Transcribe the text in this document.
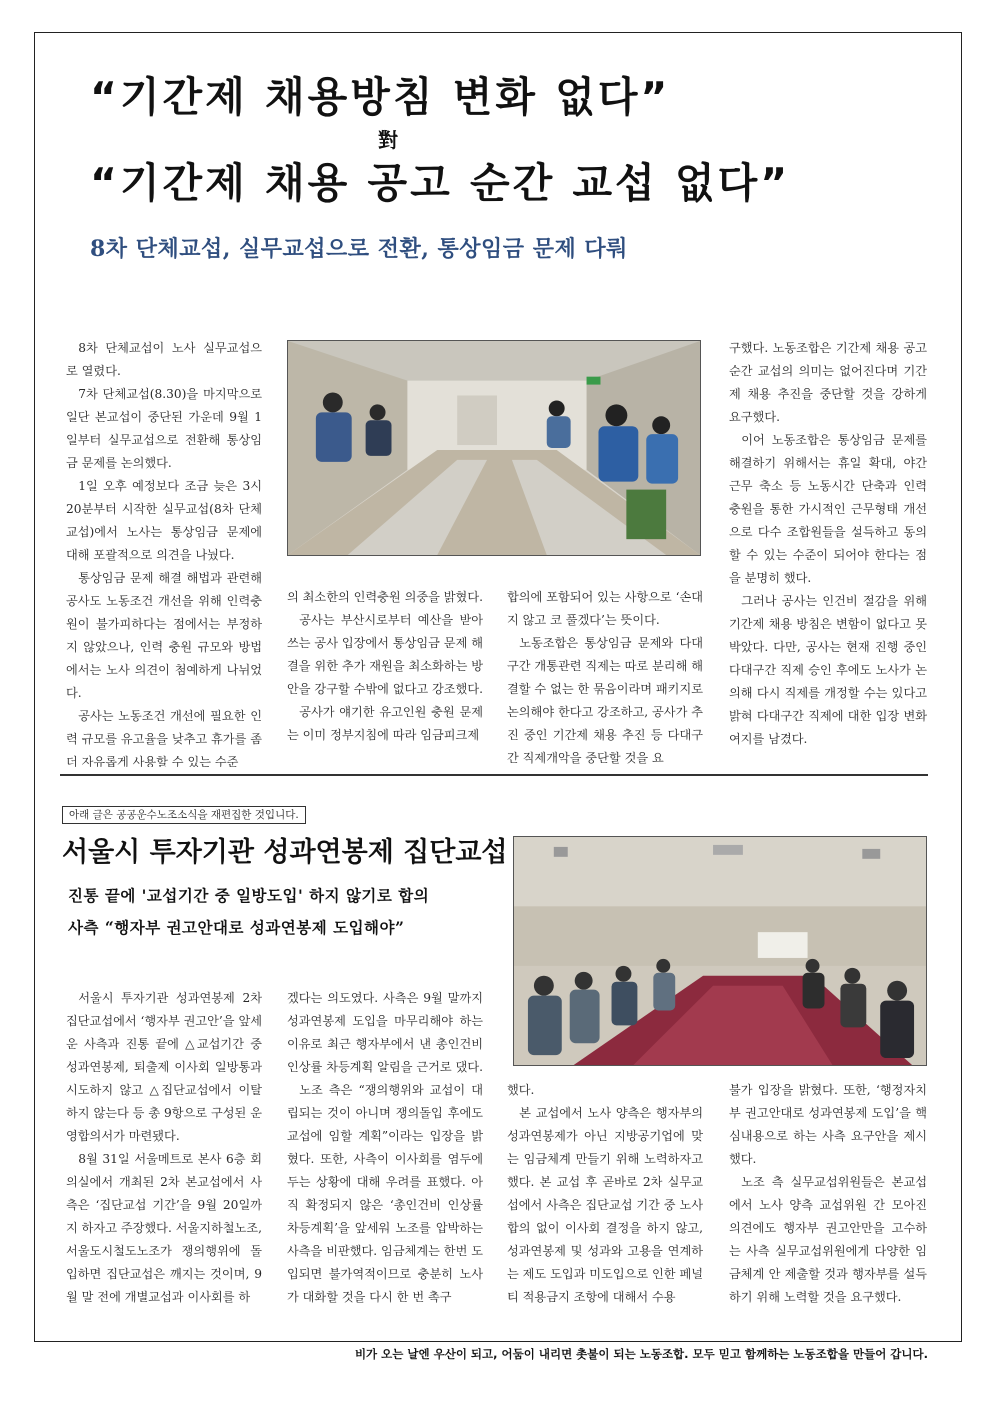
“기간제 채용방침 변화 없다”
對
“기간제 채용 공고 순간 교섭 없다”
8차 단체교섭, 실무교섭으로 전환, 통상임금 문제 다뤄

8차 단체교섭이 노사 실무교섭으로 열렸다.

7차 단체교섭(8.30)을 마지막으로 일단 본교섭이 중단된 가운데 9월 1일부터 실무교섭으로 전환해 통상임금 문제를 논의했다.

1일 오후 예정보다 조금 늦은 3시 20분부터 시작한 실무교섭(8차 단체교섭)에서 노사는 통상임금 문제에 대해 포괄적으로 의견을 나눴다.

통상임금 문제 해결 해법과 관련해 공사도 노동조건 개선을 위해 인력충원이 불가피하다는 점에서는 부정하지 않았으나, 인력 충원 규모와 방법에서는 노사 의견이 첨예하게 나뉘었다.

공사는 노동조건 개선에 필요한 인력 규모를 유고율을 낮추고 휴가를 좀 더 자유롭게 사용할 수 있는 수준

의 최소한의 인력충원 의중을 밝혔다.

공사는 부산시로부터 예산을 받아 쓰는 공사 입장에서 통상임금 문제 해결을 위한 추가 재원을 최소화하는 방안을 강구할 수밖에 없다고 강조했다.

공사가 얘기한 유고인원 충원 문제는 이미 정부지침에 따라 임금피크제

합의에 포함되어 있는 사항으로 ‘손대지 않고 코 풀겠다’는 뜻이다.

노동조합은 통상임금 문제와 다대구간 개통관련 직제는 따로 분리해 해결할 수 없는 한 묶음이라며 패키지로 논의해야 한다고 강조하고, 공사가 추진 중인 기간제 채용 추진 등 다대구간 직제개악을 중단할 것을 요

구했다. 노동조합은 기간제 채용 공고 순간 교섭의 의미는 없어진다며 기간제 채용 추진을 중단할 것을 강하게 요구했다.

이어 노동조합은 통상임금 문제를 해결하기 위해서는 휴일 확대, 야간 근무 축소 등 노동시간 단축과 인력 충원을 통한 가시적인 근무형태 개선으로 다수 조합원들을 설득하고 동의할 수 있는 수준이 되어야 한다는 점을 분명히 했다.

그러나 공사는 인건비 절감을 위해 기간제 채용 방침은 변함이 없다고 못 박았다. 다만, 공사는 현재 진행 중인 다대구간 직제 승인 후에도 노사가 논의해 다시 직제를 개정할 수는 있다고 밝혀 다대구간 직제에 대한 입장 변화 여지를 남겼다.

아래 글은 공공운수노조소식을 재편집한 것입니다.
서울시 투자기관 성과연봉제 집단교섭
진통 끝에 '교섭기간 중 일방도입' 하지 않기로 합의
사측 “행자부 권고안대로 성과연봉제 도입해야”

서울시 투자기관 성과연봉제 2차 집단교섭에서 ‘행자부 권고안’을 앞세운 사측과 진통 끝에 △교섭기간 중 성과연봉제, 퇴출제 이사회 일방통과 시도하지 않고 △집단교섭에서 이탈하지 않는다 등 총 9항으로 구성된 운영합의서가 마련됐다.

8월 31일 서울메트로 본사 6층 회의실에서 개최된 2차 본교섭에서 사측은 ‘집단교섭 기간’을 9월 20일까지 하자고 주장했다. 서울지하철노조, 서울도시철도노조가 쟁의행위에 돌입하면 집단교섭은 깨지는 것이며, 9월 말 전에 개별교섭과 이사회를 하

겠다는 의도였다. 사측은 9월 말까지 성과연봉제 도입을 마무리해야 하는 이유로 최근 행자부에서 낸 총인건비 인상률 차등계획 알림을 근거로 댔다.

노조 측은 “쟁의행위와 교섭이 대립되는 것이 아니며 쟁의돌입 후에도 교섭에 임할 계획”이라는 입장을 밝혔다. 또한, 사측이 이사회를 염두에 두는 상황에 대해 우려를 표했다. 아직 확정되지 않은 ‘총인건비 인상률 차등계획’을 앞세워 노조를 압박하는 사측을 비판했다. 임금체계는 한번 도입되면 불가역적이므로 충분히 노사가 대화할 것을 다시 한 번 촉구

했다.

본 교섭에서 노사 양측은 행자부의 성과연봉제가 아닌 지방공기업에 맞는 임금체계 만들기 위해 노력하자고 했다. 본 교섭 후 곧바로 2차 실무교섭에서 사측은 집단교섭 기간 중 노사합의 없이 이사회 결정을 하지 않고, 성과연봉제 및 성과와 고용을 연계하는 제도 도입과 미도입으로 인한 페널티 적용금지 조항에 대해서 수용

불가 입장을 밝혔다. 또한, ‘행정자치부 권고안대로 성과연봉제 도입’을 핵심내용으로 하는 사측 요구안을 제시했다.

노조 측 실무교섭위원들은 본교섭에서 노사 양측 교섭위원 간 모아진 의견에도 행자부 권고안만을 고수하는 사측 실무교섭위원에게 다양한 임금체계 안 제출할 것과 행자부를 설득하기 위해 노력할 것을 요구했다.

비가 오는 날엔 우산이 되고, 어둠이 내리면 촛불이 되는 노동조합. 모두 믿고 함께하는 노동조합을 만들어 갑니다.
